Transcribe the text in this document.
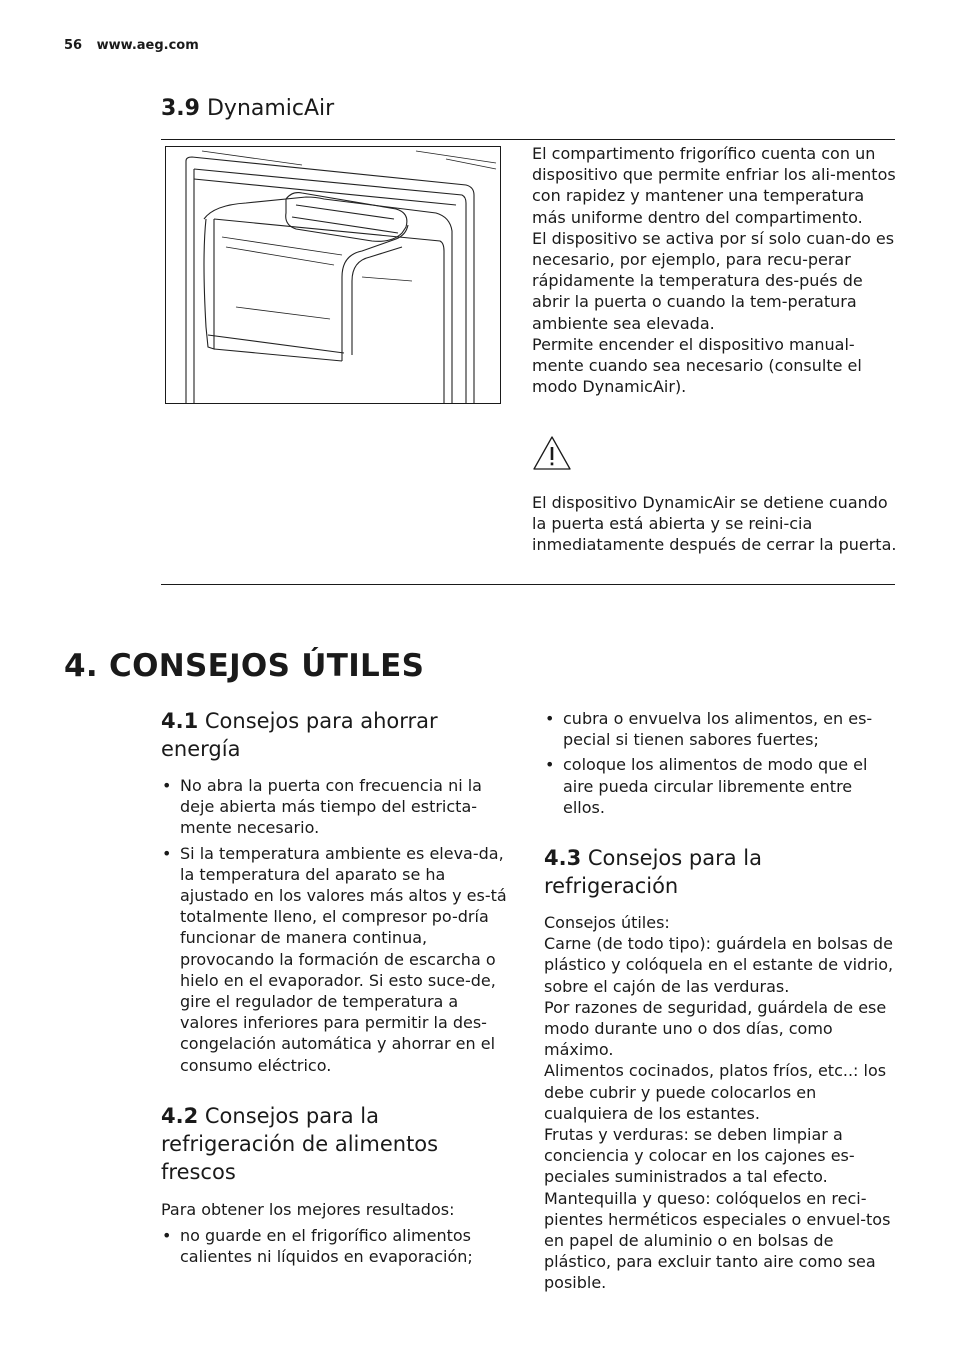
56 www.aeg.com
3.9 DynamicAir

El compartimento frigorífico cuenta con un dispositivo que permite enfriar los ali-mentos con rapidez y mantener una temperatura más uniforme dentro del compartimento.

El dispositivo se activa por sí solo cuan-do es necesario, por ejemplo, para recu-perar rápidamente la temperatura des-pués de abrir la puerta o cuando la tem-peratura ambiente sea elevada.

Permite encender el dispositivo manual-mente cuando sea necesario (consulte el modo DynamicAir).

El dispositivo DynamicAir se detiene cuando la puerta está abierta y se reini-cia inmediatamente después de cerrar la puerta.

4. CONSEJOS ÚTILES
4.1 Consejos para ahorrar energía
• No abra la puerta con frecuencia ni la deje abierta más tiempo del estricta-mente necesario.
• Si la temperatura ambiente es eleva-da, la temperatura del aparato se ha ajustado en los valores más altos y es-tá totalmente lleno, el compresor po-dría funcionar de manera continua, provocando la formación de escarcha o hielo en el evaporador. Si esto suce-de, gire el regulador de temperatura a valores inferiores para permitir la des-congelación automática y ahorrar en el consumo eléctrico.
4.2 Consejos para la refrigeración de alimentos frescos

Para obtener los mejores resultados:

• no guarde en el frigorífico alimentos calientes ni líquidos en evaporación;
• cubra o envuelva los alimentos, en es-pecial si tienen sabores fuertes;
• coloque los alimentos de modo que el aire pueda circular libremente entre ellos.
4.3 Consejos para la refrigeración

Consejos útiles:

Carne (de todo tipo): guárdela en bolsas de plástico y colóquela en el estante de vidrio, sobre el cajón de las verduras.

Por razones de seguridad, guárdela de ese modo durante uno o dos días, como máximo.

Alimentos cocinados, platos fríos, etc..: los debe cubrir y puede colocarlos en cualquiera de los estantes.

Frutas y verduras: se deben limpiar a conciencia y colocar en los cajones es-peciales suministrados a tal efecto.

Mantequilla y queso: colóquelos en reci-pientes herméticos especiales o envuel-tos en papel de aluminio o en bolsas de plástico, para excluir tanto aire como sea posible.
